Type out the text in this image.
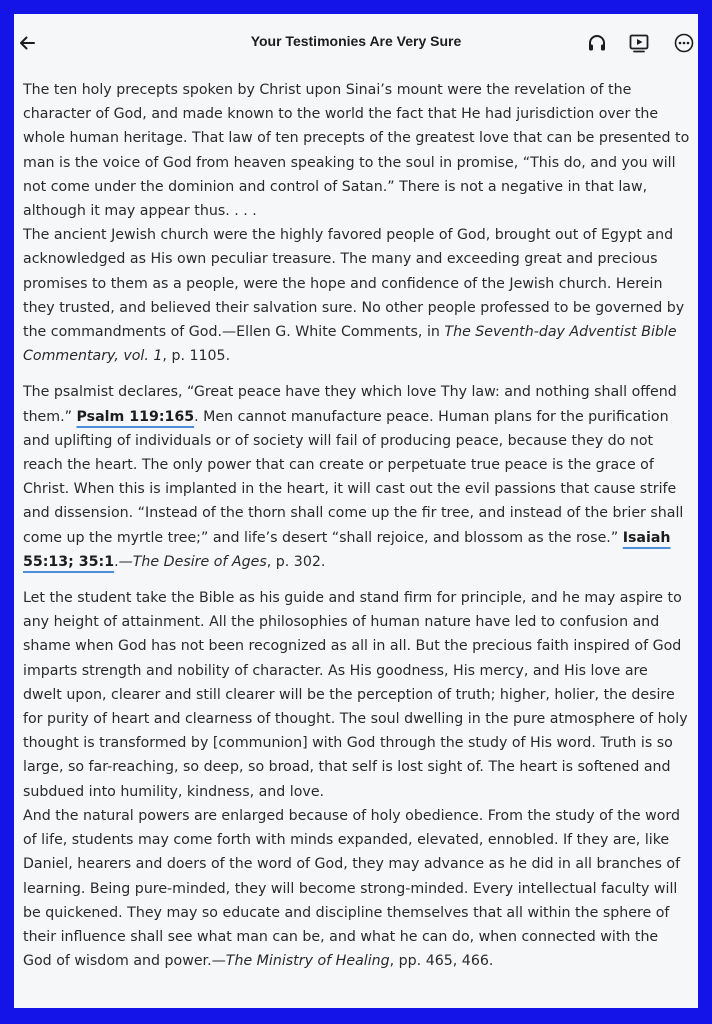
Your Testimonies Are Very Sure

The ten holy precepts spoken by Christ upon Sinai’s mount were the revelation of the character of God, and made known to the world the fact that He had jurisdiction over the whole human heritage. That law of ten precepts of the greatest love that can be presented to man is the voice of God from heaven speaking to the soul in promise, “This do, and you will not come under the dominion and control of Satan.” There is not a negative in that law, although it may appear thus. . . .

The ancient Jewish church were the highly favored people of God, brought out of Egypt and acknowledged as His own peculiar treasure. The many and exceeding great and precious promises to them as a people, were the hope and confidence of the Jewish church. Herein they trusted, and believed their salvation sure. No other people professed to be governed by the commandments of God.—Ellen G. White Comments, in The Seventh-day Adventist Bible Commentary, vol. 1, p. 1105.

The psalmist declares, “Great peace have they which love Thy law: and nothing shall offend them.” Psalm 119:165. Men cannot manufacture peace. Human plans for the purification and uplifting of individuals or of society will fail of producing peace, because they do not reach the heart. The only power that can create or perpetuate true peace is the grace of Christ. When this is implanted in the heart, it will cast out the evil passions that cause strife and dissension. “Instead of the thorn shall come up the fir tree, and instead of the brier shall come up the myrtle tree;” and life’s desert “shall rejoice, and blossom as the rose.” Isaiah 55:13; 35:1.—The Desire of Ages, p. 302.

Let the student take the Bible as his guide and stand firm for principle, and he may aspire to any height of attainment. All the philosophies of human nature have led to confusion and shame when God has not been recognized as all in all. But the precious faith inspired of God imparts strength and nobility of character. As His goodness, His mercy, and His love are dwelt upon, clearer and still clearer will be the perception of truth; higher, holier, the desire for purity of heart and clearness of thought. The soul dwelling in the pure atmosphere of holy thought is transformed by [communion] with God through the study of His word. Truth is so large, so far-reaching, so deep, so broad, that self is lost sight of. The heart is softened and subdued into humility, kindness, and love.

And the natural powers are enlarged because of holy obedience. From the study of the word of life, students may come forth with minds expanded, elevated, ennobled. If they are, like Daniel, hearers and doers of the word of God, they may advance as he did in all branches of learning. Being pure-minded, they will become strong-minded. Every intellectual faculty will be quickened. They may so educate and discipline themselves that all within the sphere of their influence shall see what man can be, and what he can do, when connected with the God of wisdom and power.—The Ministry of Healing, pp. 465, 466.
